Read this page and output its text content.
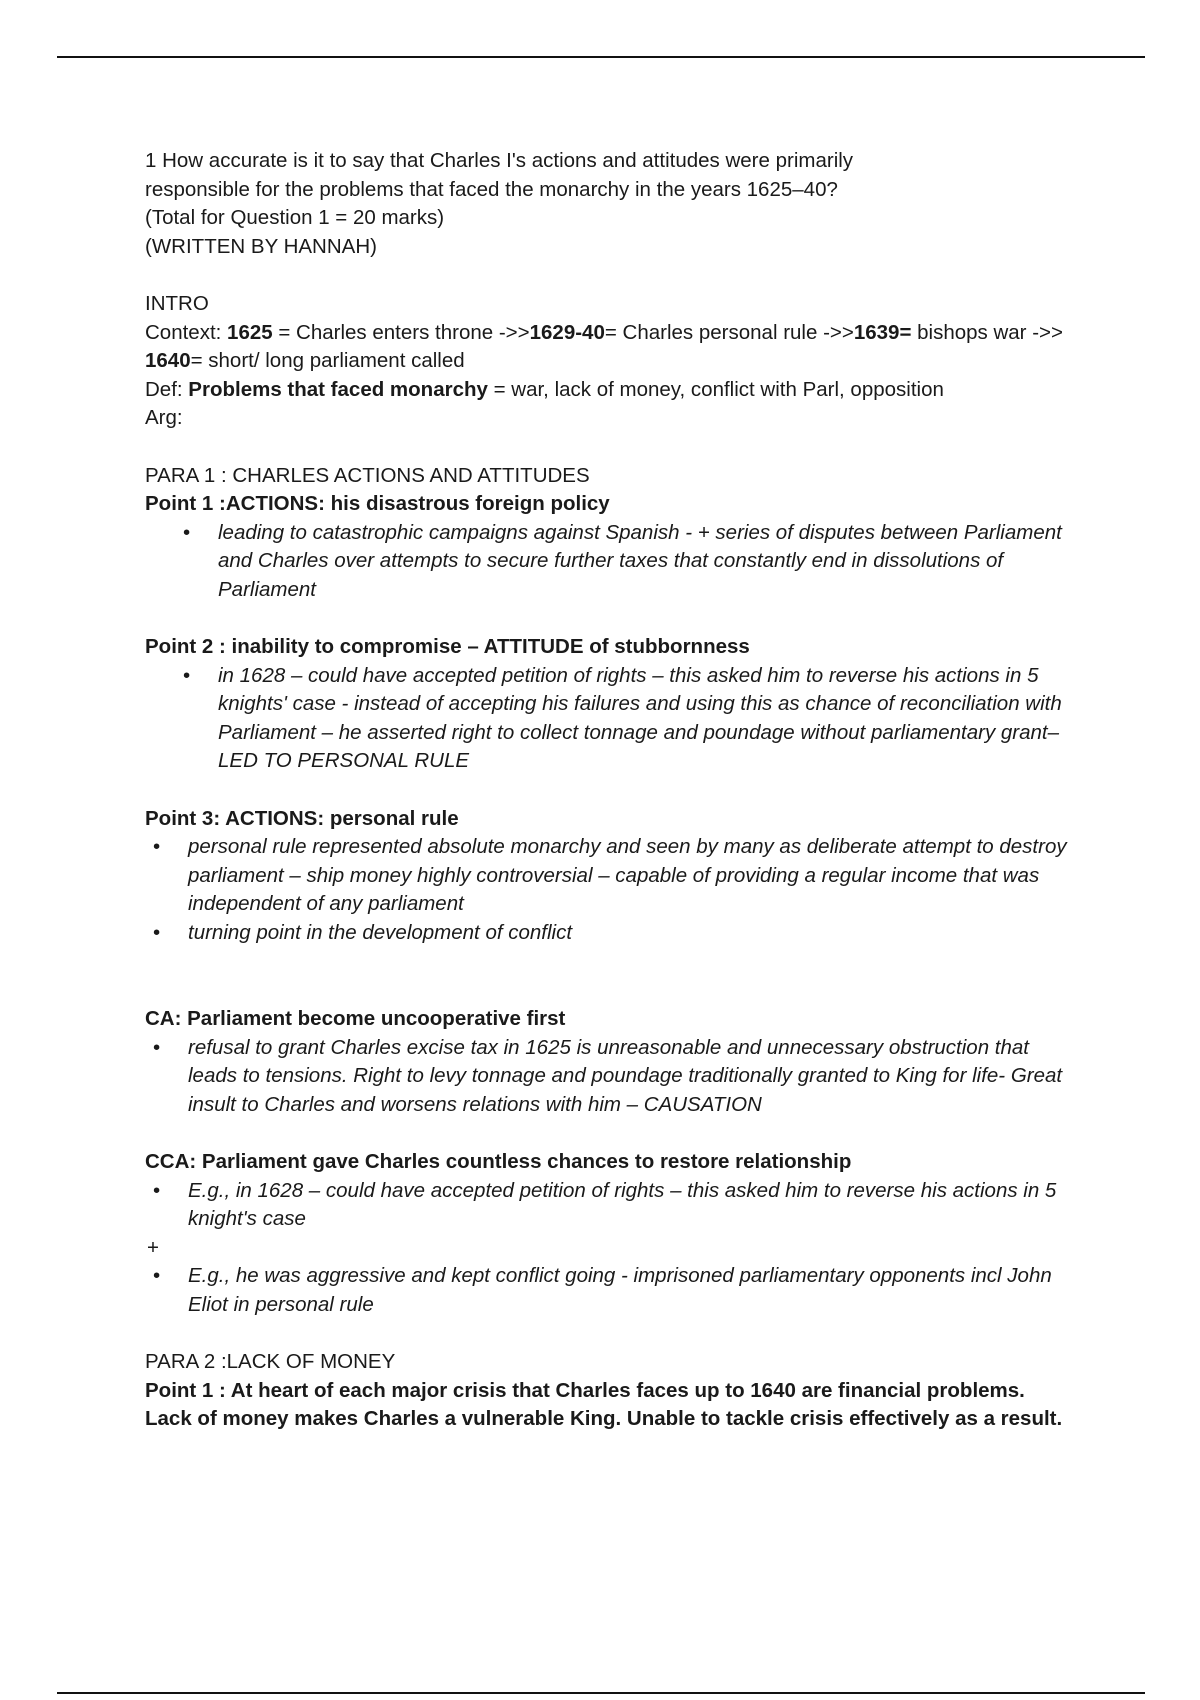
1 How accurate is it to say that Charles I's actions and attitudes were primarily

responsible for the problems that faced the monarchy in the years 1625–40?

(Total for Question 1 = 20 marks)

(WRITTEN BY HANNAH)

INTRO

Context: 1625 = Charles enters throne ->>1629-40= Charles personal rule ->>1639= bishops war ->> 1640= short/ long parliament called

Def: Problems that faced monarchy = war, lack of money, conflict with Parl, opposition

Arg:

PARA 1 : CHARLES ACTIONS AND ATTITUDES

Point 1 :ACTIONS: his disastrous foreign policy

• leading to catastrophic campaigns against Spanish - + series of disputes between Parliament and Charles over attempts to secure further taxes that constantly end in dissolutions of Parliament

Point 2 : inability to compromise – ATTITUDE of stubbornness

• in 1628 – could have accepted petition of rights – this asked him to reverse his actions in 5 knights' case - instead of accepting his failures and using this as chance of reconciliation with Parliament – he asserted right to collect tonnage and poundage without parliamentary grant– LED TO PERSONAL RULE

Point 3: ACTIONS: personal rule

• personal rule represented absolute monarchy and seen by many as deliberate attempt to destroy parliament – ship money highly controversial – capable of providing a regular income that was independent of any parliament
• turning point in the development of conflict

CA: Parliament become uncooperative first

• refusal to grant Charles excise tax in 1625 is unreasonable and unnecessary obstruction that leads to tensions. Right to levy tonnage and poundage traditionally granted to King for life- Great insult to Charles and worsens relations with him – CAUSATION

CCA: Parliament gave Charles countless chances to restore relationship

• E.g., in 1628 – could have accepted petition of rights – this asked him to reverse his actions in 5 knight's case

+

• E.g., he was aggressive and kept conflict going - imprisoned parliamentary opponents incl John Eliot in personal rule

PARA 2 :LACK OF MONEY

Point 1 : At heart of each major crisis that Charles faces up to 1640 are financial problems. Lack of money makes Charles a vulnerable King. Unable to tackle crisis effectively as a result.
